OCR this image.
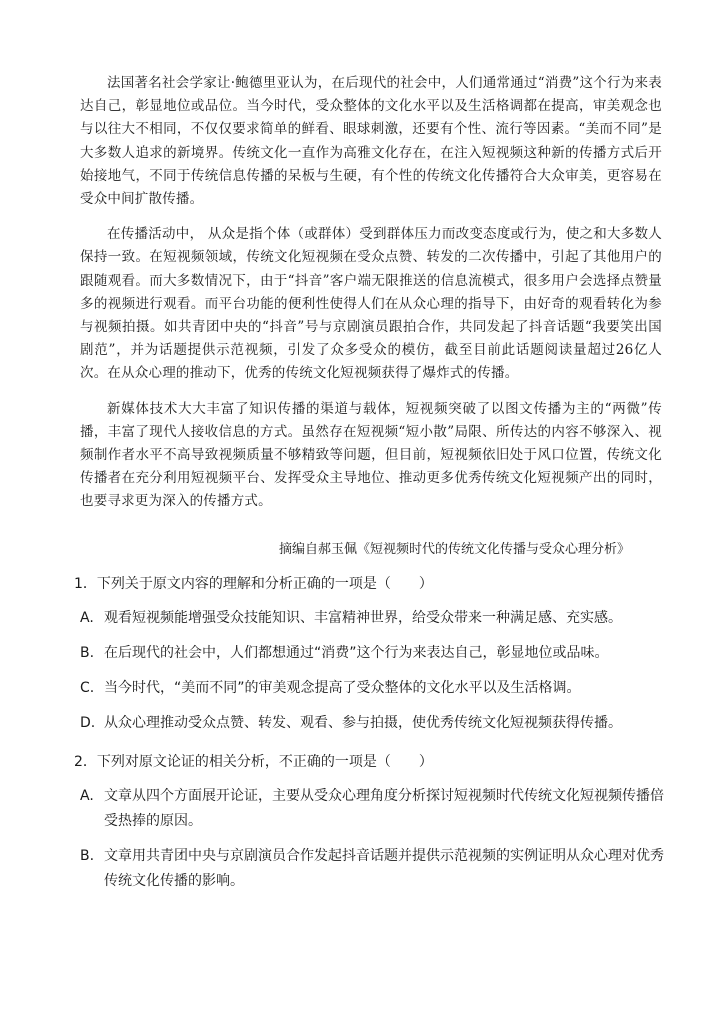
法国著名社会学家让·鲍德里亚认为，在后现代的社会中，人们通常通过“消费”这个行为来表达自己，彰显地位或品位。当今时代，受众整体的文化水平以及生活格调都在提高，审美观念也与以往大不相同，不仅仅要求简单的鲜看、眼球刺激，还要有个性、流行等因素。“美而不同”是大多数人追求的新境界。传统文化一直作为高雅文化存在，在注入短视频这种新的传播方式后开始接地气，不同于传统信息传播的呆板与生硬，有个性的传统文化传播符合大众审美，更容易在受众中间扩散传播。

在传播活动中， 从众是指个体（或群体）受到群体压力而改变态度或行为，使之和大多数人保持一致。在短视频领域，传统文化短视频在受众点赞、转发的二次传播中，引起了其他用户的跟随观看。而大多数情况下，由于“抖音”客户端无限推送的信息流模式，很多用户会选择点赞量多的视频进行观看。而平台功能的便利性使得人们在从众心理的指导下，由好奇的观看转化为参与视频拍摄。如共青团中央的“抖音”号与京剧演员跟拍合作，共同发起了抖音话题“我要笑出国剧范”，并为话题提供示范视频，引发了众多受众的模仿，截至目前此话题阅读量超过26亿人次。在从众心理的推动下，优秀的传统文化短视频获得了爆炸式的传播。

新媒体技术大大丰富了知识传播的渠道与载体，短视频突破了以图文传播为主的“两微”传播，丰富了现代人接收信息的方式。虽然存在短视频“短小散”局限、所传达的内容不够深入、视频制作者水平不高导致视频质量不够精致等问题，但目前，短视频依旧处于风口位置，传统文化传播者在充分利用短视频平台、发挥受众主导地位、推动更多优秀传统文化短视频产出的同时，也要寻求更为深入的传播方式。

摘编自郝玉佩《短视频时代的传统文化传播与受众心理分析》

1．下列关于原文内容的理解和分析正确的一项是（　　）

A. 观看短视频能增强受众技能知识、丰富精神世界，给受众带来一种满足感、充实感。

B. 在后现代的社会中，人们都想通过“消费”这个行为来表达自己，彰显地位或品味。

C. 当今时代，“美而不同”的审美观念提高了受众整体的文化水平以及生活格调。

D. 从众心理推动受众点赞、转发、观看、参与拍摄，使优秀传统文化短视频获得传播。

2．下列对原文论证的相关分析，不正确的一项是（　　）

A. 文章从四个方面展开论证，主要从受众心理角度分析探讨短视频时代传统文化短视频传播倍受热捧的原因。

B. 文章用共青团中央与京剧演员合作发起抖音话题并提供示范视频的实例证明从众心理对优秀传统文化传播的影响。
